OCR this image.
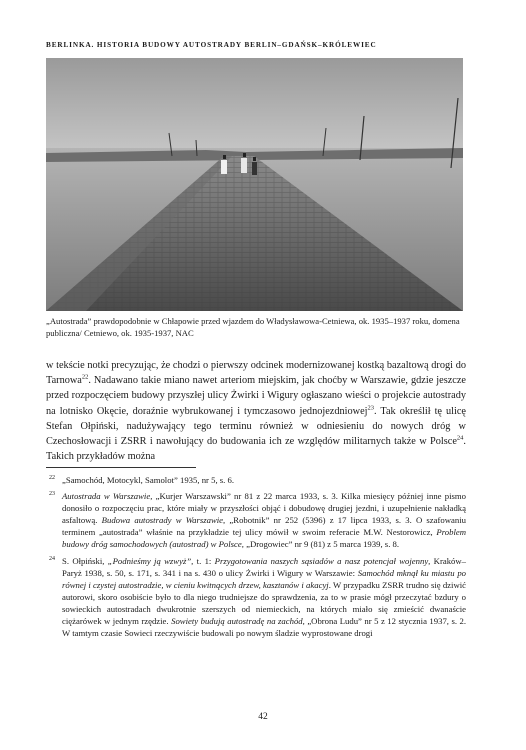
BERLINKA. HISTORIA BUDOWY AUTOSTRADY BERLIN–GDAŃSK–KRÓLEWIEC
„Autostrada” prawdopodobnie w Chłapowie przed wjazdem do Władysławowa-Cetniewa, ok. 1935–1937 roku, domena publiczna/ Cetniewo, ok. 1935-1937, NAC

w tekście notki precyzując, że chodzi o pierwszy odcinek modernizowanej kostką bazaltową drogi do Tarnowa$^{22}$. Nadawano takie miano nawet arteriom miejskim, jak choćby w Warszawie, gdzie jeszcze przed rozpoczęciem budowy przyszłej ulicy Żwirki i Wigury ogłaszano wieści o projekcie autostrady na lotnisko Okęcie, doraźnie wybrukowanej i tymczasowo jednojezdniowej$^{23}$. Tak określił tę ulicę Stefan Ołpiński, nadużywający tego terminu również w odniesieniu do nowych dróg w Czechosłowacji i ZSRR i nawołujący do budowania ich ze względów militarnych także w Polsce$^{24}$. Takich przykładów można

22 „Samochód, Motocykl, Samolot” 1935, nr 5, s. 6.
23 Autostrada w Warszawie, „Kurjer Warszawski” nr 81 z 22 marca 1933, s. 3. Kilka miesięcy później inne pismo donosiło o rozpoczęciu prac, które miały w przyszłości objąć i dobudowę drugiej jezdni, i uzupełnienie nakładką asfaltową. Budowa autostrady w Warszawie, „Robotnik” nr 252 (5396) z 17 lipca 1933, s. 3. O szafowaniu terminem „autostrada” właśnie na przykładzie tej ulicy mówił w swoim referacie M.W. Nestorowicz, Problem budowy dróg samochodowych (autostrad) w Polsce, „Drogowiec” nr 9 (81) z 5 marca 1939, s. 8.
24 S. Ołpiński, „Podnieśmy ją wzwyż”, t. 1: Przygotowania naszych sąsiadów a nasz potencjał wojenny, Kraków–Paryż 1938, s. 50, s. 171, s. 341 i na s. 430 o ulicy Żwirki i Wigury w Warszawie: Samochód mknął ku miastu po równej i czystej autostradzie, w cieniu kwitnących drzew, kasztanów i akacyj. W przypadku ZSRR trudno się dziwić autorowi, skoro osobiście było to dla niego trudniejsze do sprawdzenia, za to w prasie mógł przeczytać bzdury o sowieckich autostradach dwukrotnie szerszych od niemieckich, na których miało się zmieścić dwanaście ciężarówek w jednym rzędzie. Sowiety budują autostradę na zachód, „Obrona Ludu” nr 5 z 12 stycznia 1937, s. 2. W tamtym czasie Sowieci rzeczywiście budowali po nowym śladzie wyprostowane drogi
42
